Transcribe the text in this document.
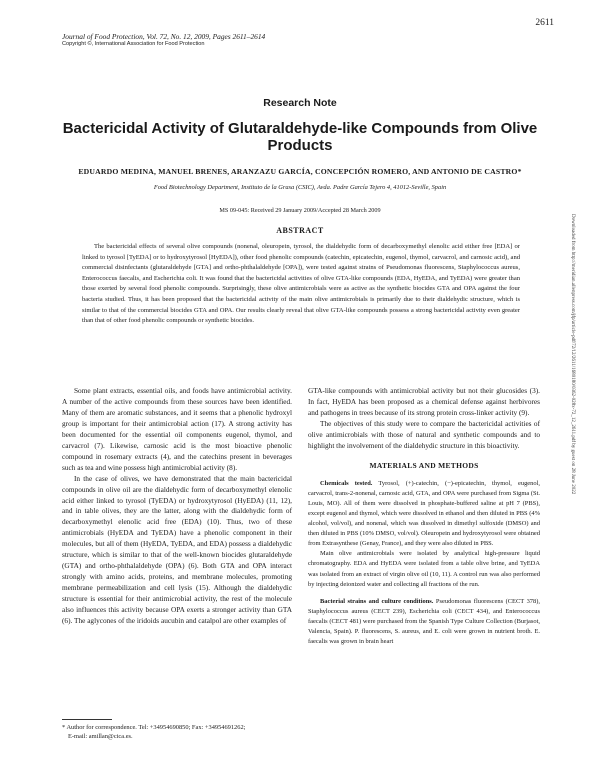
2611
Journal of Food Protection, Vol. 72, No. 12, 2009, Pages 2611–2614
Copyright ©, International Association for Food Protection
Research Note
Bactericidal Activity of Glutaraldehyde-like Compounds from Olive Products
EDUARDO MEDINA, MANUEL BRENES, ARANZAZU GARCÍA, CONCEPCIÓN ROMERO, AND ANTONIO DE CASTRO*
Food Biotechnology Department, Instituto de la Grasa (CSIC), Avda. Padre García Tejero 4, 41012-Seville, Spain
MS 09-045: Received 29 January 2009/Accepted 28 March 2009
ABSTRACT

The bactericidal effects of several olive compounds (nonenal, oleuropein, tyrosol, the dialdehydic form of decarboxymethyl elenolic acid either free [EDA] or linked to tyrosol [TyEDA] or to hydroxytyrosol [HyEDA]), other food phenolic compounds (catechin, epicatechin, eugenol, thymol, carvacrol, and carnosic acid), and commercial disinfectants (glutaraldehyde [GTA] and ortho-phthalaldehyde [OPA]), were tested against strains of Pseudomonas fluorescens, Staphylococcus aureus, Enterococcus faecalis, and Escherichia coli. It was found that the bactericidal activities of olive GTA-like compounds (EDA, HyEDA, and TyEDA) were greater than those exerted by several food phenolic compounds. Surprisingly, these olive antimicrobials were as active as the synthetic biocides GTA and OPA against the four bacteria studied. Thus, it has been proposed that the bactericidal activity of the main olive antimicrobials is primarily due to their dialdehydic structure, which is similar to that of the commercial biocides GTA and OPA. Our results clearly reveal that olive GTA-like compounds possess a strong bactericidal activity even greater than that of other food phenolic compounds or synthetic biocides.

Some plant extracts, essential oils, and foods have antimicrobial activity. A number of the active compounds from these sources have been identified. Many of them are aromatic substances, and it seems that a phenolic hydroxyl group is important for their antimicrobial action (17). A strong activity has been documented for the essential oil components eugenol, thymol, and carvacrol (7). Likewise, carnosic acid is the most bioactive phenolic compound in rosemary extracts (4), and the catechins present in beverages such as tea and wine possess high antimicrobial activity (8).

In the case of olives, we have demonstrated that the main bactericidal compounds in olive oil are the dialdehydic form of decarboxymethyl elenolic acid either linked to tyrosol (TyEDA) or hydroxytyrosol (HyEDA) (11, 12), and in table olives, they are the latter, along with the dialdehydic form of decarboxymethyl elenolic acid free (EDA) (10). Thus, two of these antimicrobials (HyEDA and TyEDA) have a phenolic component in their molecules, but all of them (HyEDA, TyEDA, and EDA) possess a dialdehydic structure, which is similar to that of the well-known biocides glutaraldehyde (GTA) and ortho-phthalaldehyde (OPA) (6). Both GTA and OPA interact strongly with amino acids, proteins, and membrane molecules, promoting membrane permeabilization and cell lysis (15). Although the dialdehydic structure is essential for their antimicrobial activity, the rest of the molecule also influences this activity because OPA exerts a stronger activity than GTA (6). The aglycones of the iridoids aucubin and catalpol are other examples of

* Author for correspondence. Tel: +34954690850; Fax: +34954691262;
E-mail: amillan@cica.es.

GTA-like compounds with antimicrobial activity but not their glucosides (3). In fact, HyEDA has been proposed as a chemical defense against herbivores and pathogens in trees because of its strong protein cross-linker activity (9).

The objectives of this study were to compare the bactericidal activities of olive antimicrobials with those of natural and synthetic compounds and to highlight the involvement of the dialdehydic structure in this bioactivity.

MATERIALS AND METHODS

Chemicals tested. Tyrosol, (+)-catechin, (−)-epicatechin, thymol, eugenol, carvacrol, trans-2-nonenal, carnosic acid, GTA, and OPA were purchased from Sigma (St. Louis, MO). All of them were dissolved in phosphate-buffered saline at pH 7 (PBS), except eugenol and thymol, which were dissolved in ethanol and then diluted in PBS (4% alcohol, vol/vol), and nonenal, which was dissolved in dimethyl sulfoxide (DMSO) and then diluted in PBS (10% DMSO, vol/vol). Oleuropein and hydroxytyrosol were obtained from Extrasynthese (Genay, France), and they were also diluted in PBS.

Main olive antimicrobials were isolated by analytical high-pressure liquid chromatography. EDA and HyEDA were isolated from a table olive brine, and TyEDA was isolated from an extract of virgin olive oil (10, 11). A control run was also performed by injecting deionized water and collecting all fractions of the run.

Bacterial strains and culture conditions. Pseudomonas fluorescens (CECT 378), Staphylococcus aureus (CECT 239), Escherichia coli (CECT 434), and Enterococcus faecalis (CECT 481) were purchased from the Spanish Type Culture Collection (Burjasot, Valencia, Spain). P. fluorescens, S. aureus, and E. coli were grown in nutrient broth. E. faecalis was grown in brain heart

Downloaded from http://meridian.allenpress.com/jfp/article-pdf/72/12/2611/1680180/0362-028x-72_12_2611.pdf by guest on 28 June 2022
